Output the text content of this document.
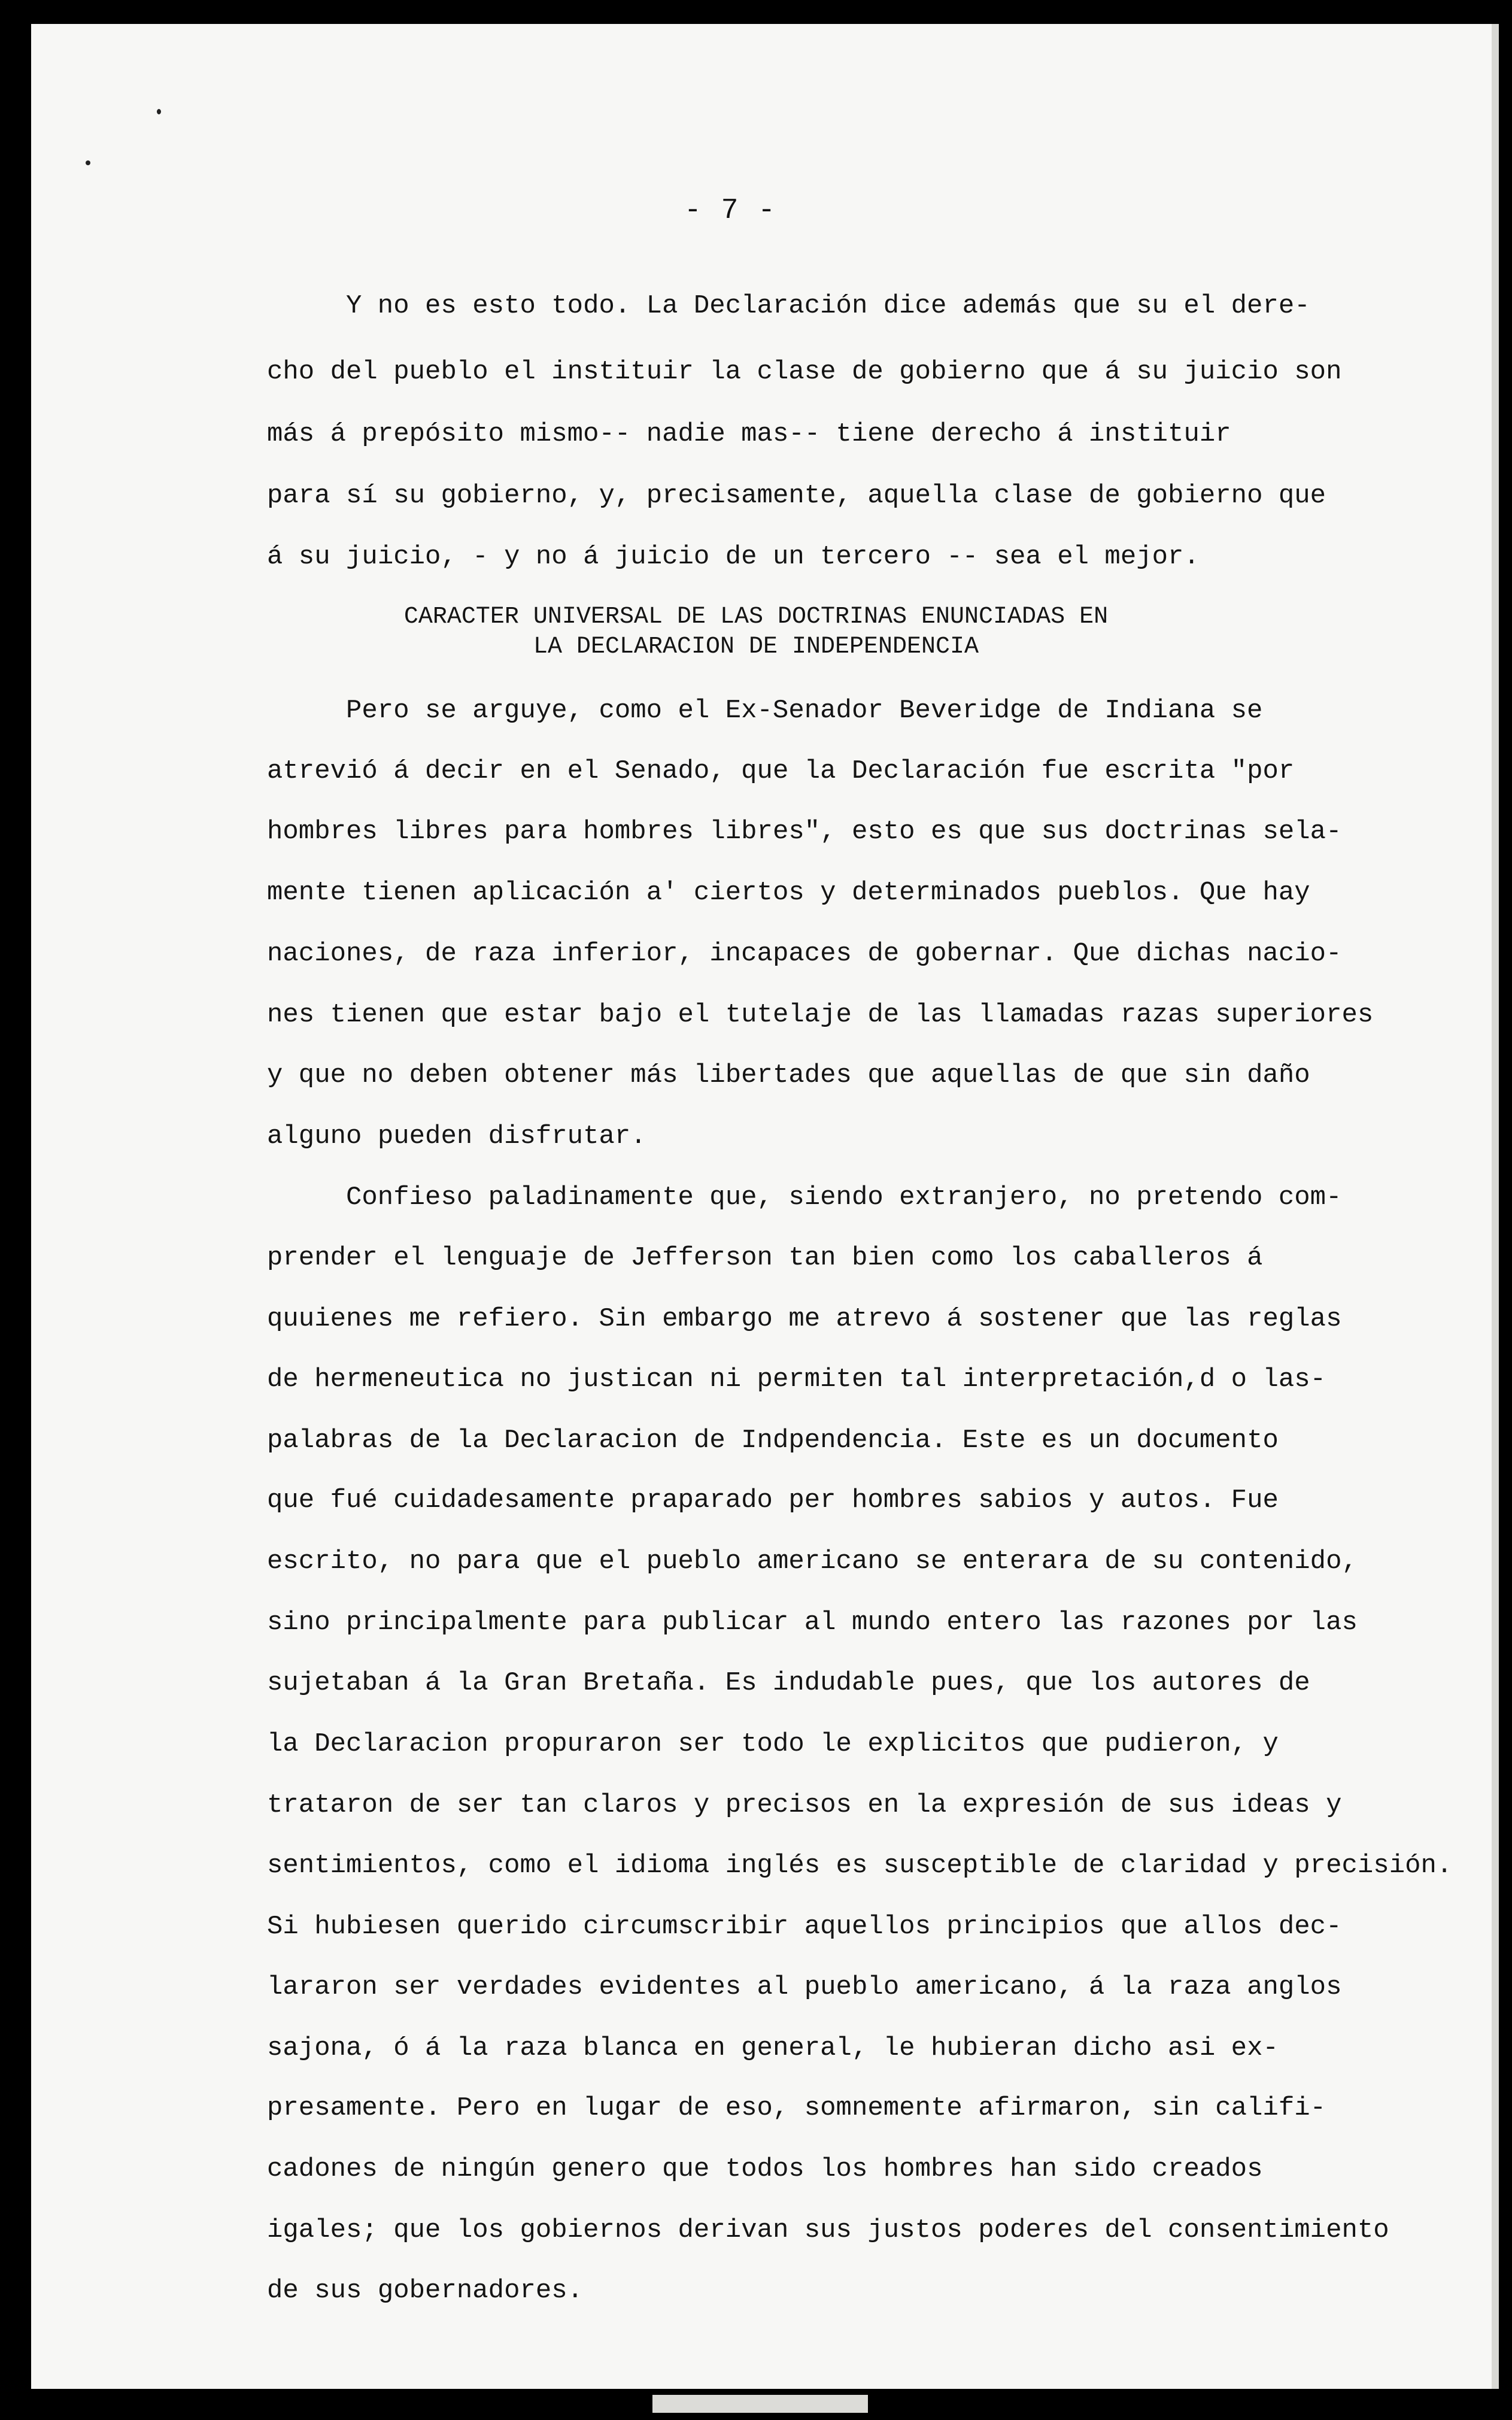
- 7 -
CARACTER UNIVERSAL DE LAS DOCTRINAS ENUNCIADAS EN
LA DECLARACION DE INDEPENDENCIA
Y no es esto todo. La Declaración dice además que su el dere-
cho del pueblo el instituir la clase de gobierno que á su juicio son
más á prepósito mismo-- nadie mas-- tiene derecho á instituir
para sí su gobierno, y, precisamente, aquella clase de gobierno que
á su juicio, - y no á juicio de un tercero -- sea el mejor.
Pero se arguye, como el Ex-Senador Beveridge de Indiana se
atrevió á decir en el Senado, que la Declaración fue escrita "por
hombres libres para hombres libres", esto es que sus doctrinas sela-
mente tienen aplicación a′ ciertos y determinados pueblos. Que hay
naciones, de raza inferior, incapaces de gobernar. Que dichas nacio-
nes tienen que estar bajo el tutelaje de las llamadas razas superiores
y que no deben obtener más libertades que aquellas de que sin daño
alguno pueden disfrutar.
Confieso paladinamente que, siendo extranjero, no pretendo com-
prender el lenguaje de Jefferson tan bien como los caballeros á
quuienes me refiero. Sin embargo me atrevo á sostener que las reglas
de hermeneutica no justican ni permiten tal interpretación,d o las-
palabras de la Declaracion de Indpendencia. Este es un documento
que fué cuidadesamente praparado per hombres sabios y autos. Fue
escrito, no para que el pueblo americano se enterara de su contenido,
sino principalmente para publicar al mundo entero las razones por las
sujetaban á la Gran Bretaña. Es indudable pues, que los autores de
la Declaracion propuraron ser todo le explicitos que pudieron, y
trataron de ser tan claros y precisos en la expresión de sus ideas y
sentimientos, como el idioma inglés es susceptible de claridad y precisión.
Si hubiesen querido circumscribir aquellos principios que allos dec-
lararon ser verdades evidentes al pueblo americano, á la raza anglos
sajona, ó á la raza blanca en general, le hubieran dicho asi ex-
presamente. Pero en lugar de eso, somnemente afirmaron, sin califi-
cadones de ningún genero que todos los hombres han sido creados
igales; que los gobiernos derivan sus justos poderes del consentimiento
de sus gobernadores.
